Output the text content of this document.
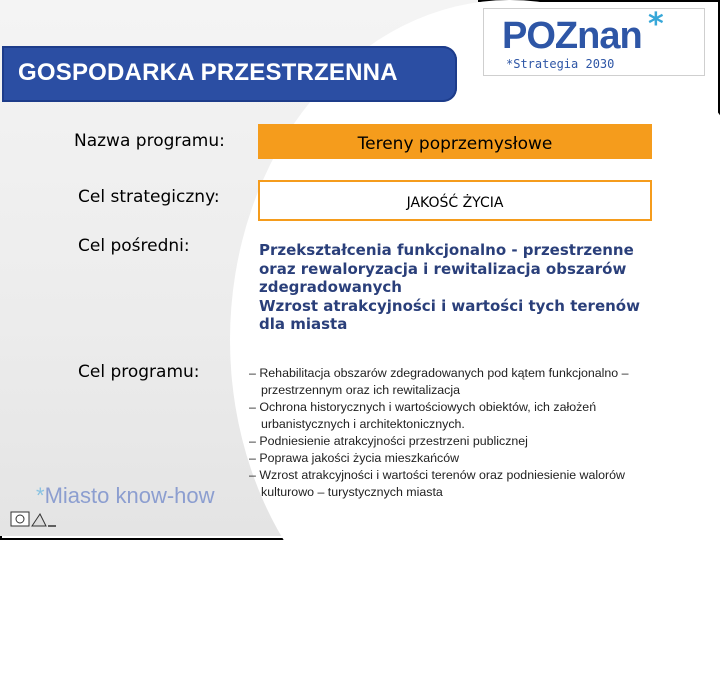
GOSPODARKA PRZESTRZENNA
POZnan *
*Strategia 2030
Nazwa programu:	Tereny poprzemysłowe
Cel strategiczny:	JAKOŚĆ ŻYCIA
Cel pośredni:	Przekształcenia funkcjonalno - przestrzenne
oraz rewaloryzacja i rewitalizacja obszarów
zdegradowanych
Wzrost atrakcyjności i wartości tych terenów
dla miasta
Cel programu:	– Rehabilitacja obszarów zdegradowanych pod kątem funkcjonalno – przestrzennym oraz ich rewitalizacja
– Ochrona historycznych i wartościowych obiektów, ich założeń urbanistycznych i architektonicznych.
– Podniesienie atrakcyjności przestrzeni publicznej
– Poprawa jakości życia mieszkańców
– Wzrost atrakcyjności i wartości terenów oraz podniesienie walorów kulturowo – turystycznych miasta
*Miasto know-how
